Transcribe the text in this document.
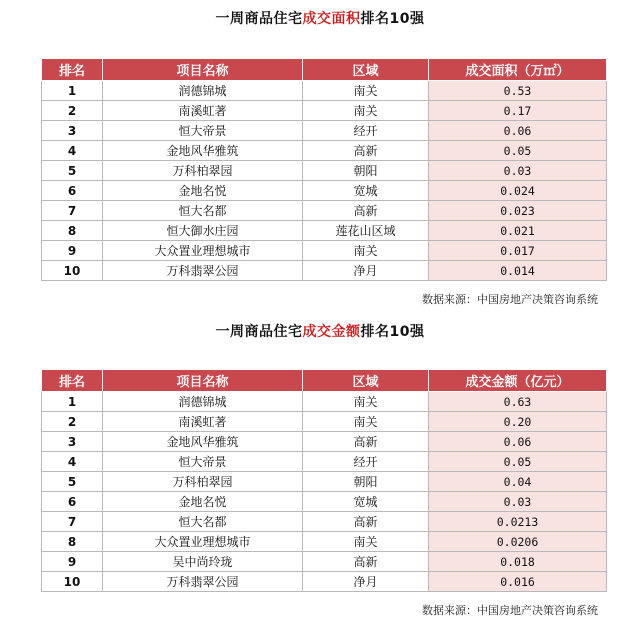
一周商品住宅成交面积排名10强
排名	项目名称	区域	成交面积（万㎡）
1	润德锦城	南关	0.53
2	南溪虹著	南关	0.17
3	恒大帝景	经开	0.06
4	金地风华雅筑	高新	0.05
5	万科柏翠园	朝阳	0.03
6	金地名悦	宽城	0.024
7	恒大名都	高新	0.023
8	恒大御水庄园	莲花山区域	0.021
9	大众置业理想城市	南关	0.017
10	万科翡翠公园	净月	0.014
数据来源：中国房地产决策咨询系统
一周商品住宅成交金额排名10强
排名	项目名称	区域	成交金额（亿元）
1	润德锦城	南关	0.63
2	南溪虹著	南关	0.20
3	金地风华雅筑	高新	0.06
4	恒大帝景	经开	0.05
5	万科柏翠园	朝阳	0.04
6	金地名悦	宽城	0.03
7	恒大名都	高新	0.0213
8	大众置业理想城市	南关	0.0206
9	吴中尚玲珑	高新	0.018
10	万科翡翠公园	净月	0.016
数据来源：中国房地产决策咨询系统
